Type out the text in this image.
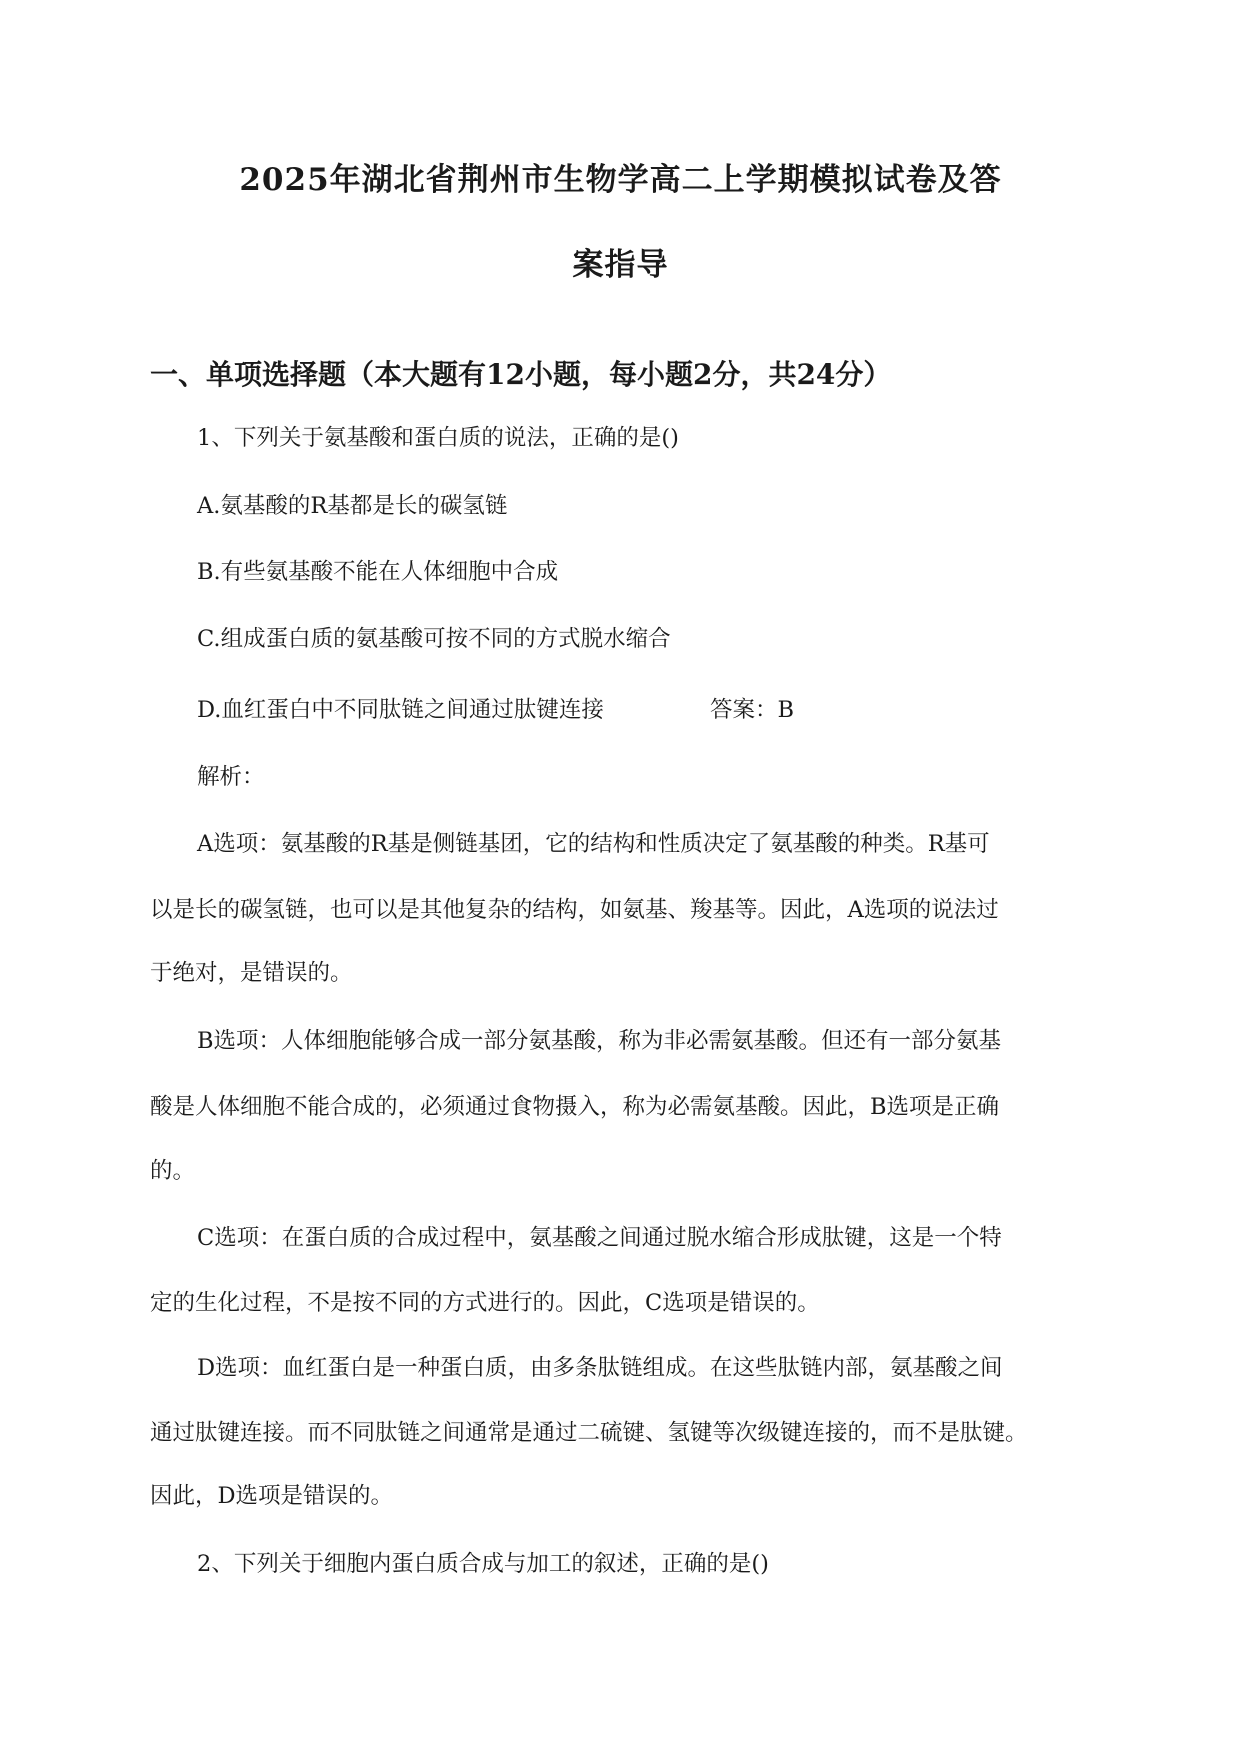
2025年湖北省荆州市生物学高二上学期模拟试卷及答
案指导
一、单项选择题（本大题有12小题，每小题2分，共24分）
1、下列关于氨基酸和蛋白质的说法，正确的是()
A.氨基酸的R基都是长的碳氢链
B.有些氨基酸不能在人体细胞中合成
C.组成蛋白质的氨基酸可按不同的方式脱水缩合
D.血红蛋白中不同肽链之间通过肽键连接	答案：B
解析：
A选项：氨基酸的R基是侧链基团，它的结构和性质决定了氨基酸的种类。R基可
以是长的碳氢链，也可以是其他复杂的结构，如氨基、羧基等。因此，A选项的说法过
于绝对，是错误的。
B选项：人体细胞能够合成一部分氨基酸，称为非必需氨基酸。但还有一部分氨基
酸是人体细胞不能合成的，必须通过食物摄入，称为必需氨基酸。因此，B选项是正确
的。
C选项：在蛋白质的合成过程中，氨基酸之间通过脱水缩合形成肽键，这是一个特
定的生化过程，不是按不同的方式进行的。因此，C选项是错误的。
D选项：血红蛋白是一种蛋白质，由多条肽链组成。在这些肽链内部，氨基酸之间
通过肽键连接。而不同肽链之间通常是通过二硫键、氢键等次级键连接的，而不是肽键。
因此，D选项是错误的。
2、下列关于细胞内蛋白质合成与加工的叙述，正确的是()
